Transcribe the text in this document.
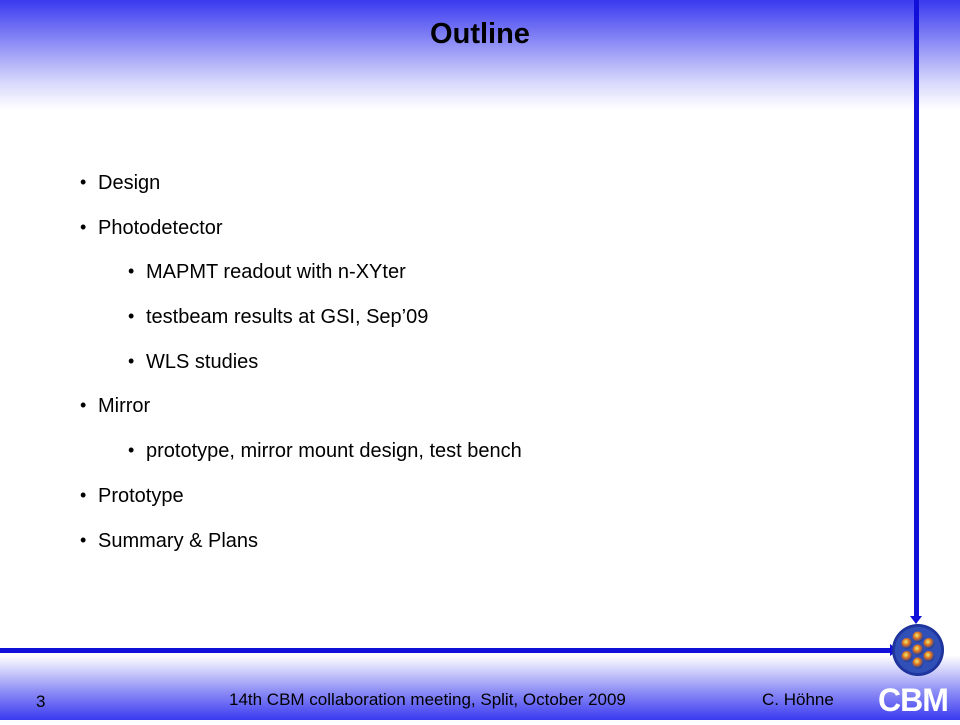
Outline
• Design
• Photodetector
• MAPMT readout with n-XYter
• testbeam results at GSI, Sep’09
• WLS studies
• Mirror
• prototype, mirror mount design, test bench
• Prototype
• Summary & Plans
3	14th CBM collaboration meeting, Split, October 2009	C. Höhne CBM
